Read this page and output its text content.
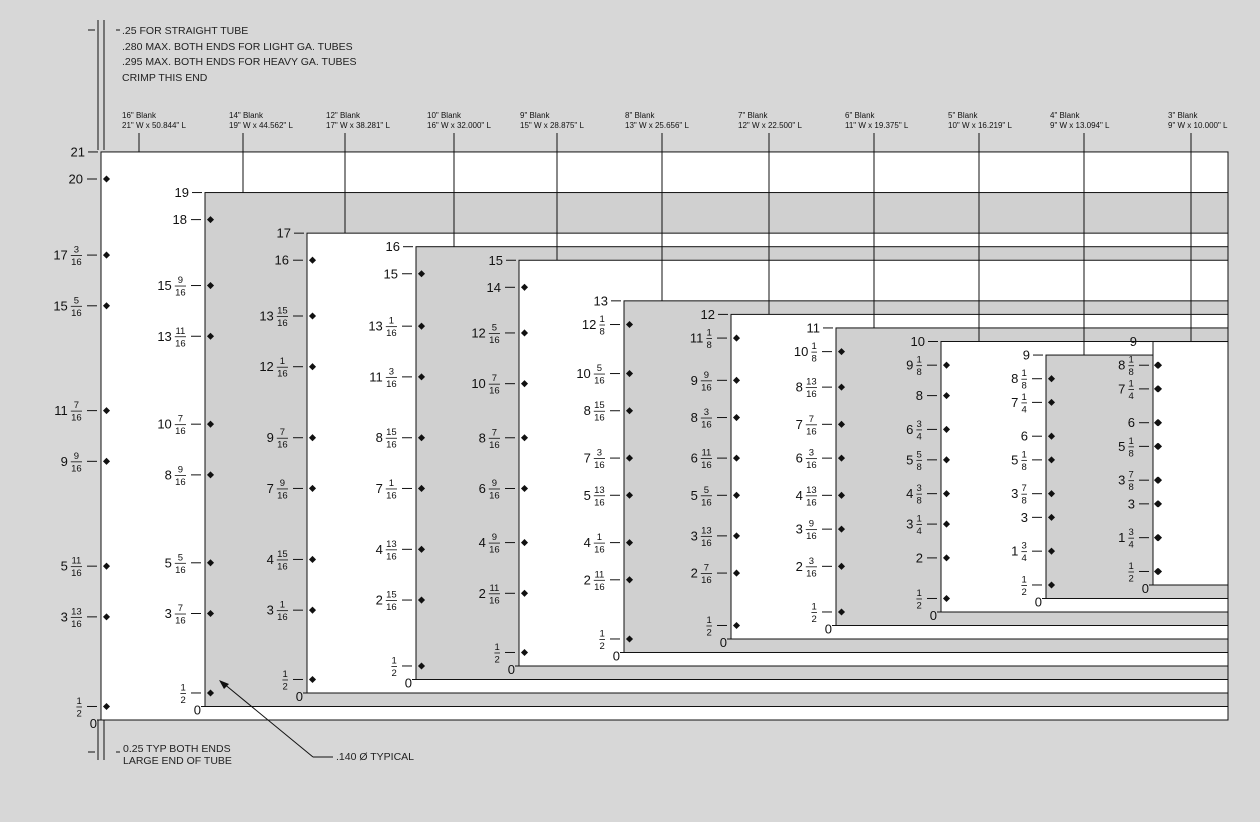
16" Blank
21" W x 50.844" L
14" Blank
19" W x 44.562" L
12" Blank
17" W x 38.281" L
10" Blank
16" W x 32.000" L
9" Blank
15" W x 28.875" L
8" Blank
13" W x 25.656" L
7" Blank
12" W x 22.500" L
6" Blank
11" W x 19.375" L
5" Blank
10" W x 16.219" L
4" Blank
9" W x 13.094" L
3" Blank
9" W x 10.000" L
21
0
20
3
16
17
5
16
15
7
16
11
9
16
9
11
16
5
13
16
3
1
2
19
0
18
9
16
15
11
16
13
7
16
10
9
16
8
5
16
5
7
16
3
1
2
17
0
16
15
16
13
1
16
12
7
16
9
9
16
7
15
16
4
1
16
3
1
2
16
0
15
1
16
13
3
16
11
15
16
8
1
16
7
13
16
4
15
16
2
1
2
15
0
14
5
16
12
7
16
10
7
16
8
9
16
6
9
16
4
11
16
2
1
2
13
0
1
8
12
5
16
10
15
16
8
3
16
7
13
16
5
1
16
4
11
16
2
1
2
12
0
1
8
11
9
16
9
3
16
8
11
16
6
5
16
5
13
16
3
7
16
2
1
2
11
0
1
8
10
13
16
8
7
16
7
3
16
6
13
16
4
9
16
3
3
16
2
1
2
10
0
1
8
9
8
3
4
6
5
8
5
3
8
4
1
4
3
2
1
2
9
0
1
8
8
1
4
7
6
1
8
5
7
8
3
3
3
4
1
1
2
9
0
1
8
8
1
4
7
6
1
8
5
7
8
3
3
3
4
1
1
2
.25 FOR STRAIGHT TUBE
.280 MAX. BOTH ENDS FOR LIGHT GA. TUBES
.295 MAX. BOTH ENDS FOR HEAVY GA. TUBES
CRIMP THIS END
0.25 TYP BOTH ENDS
LARGE END OF TUBE	.140 Ø TYPICAL
